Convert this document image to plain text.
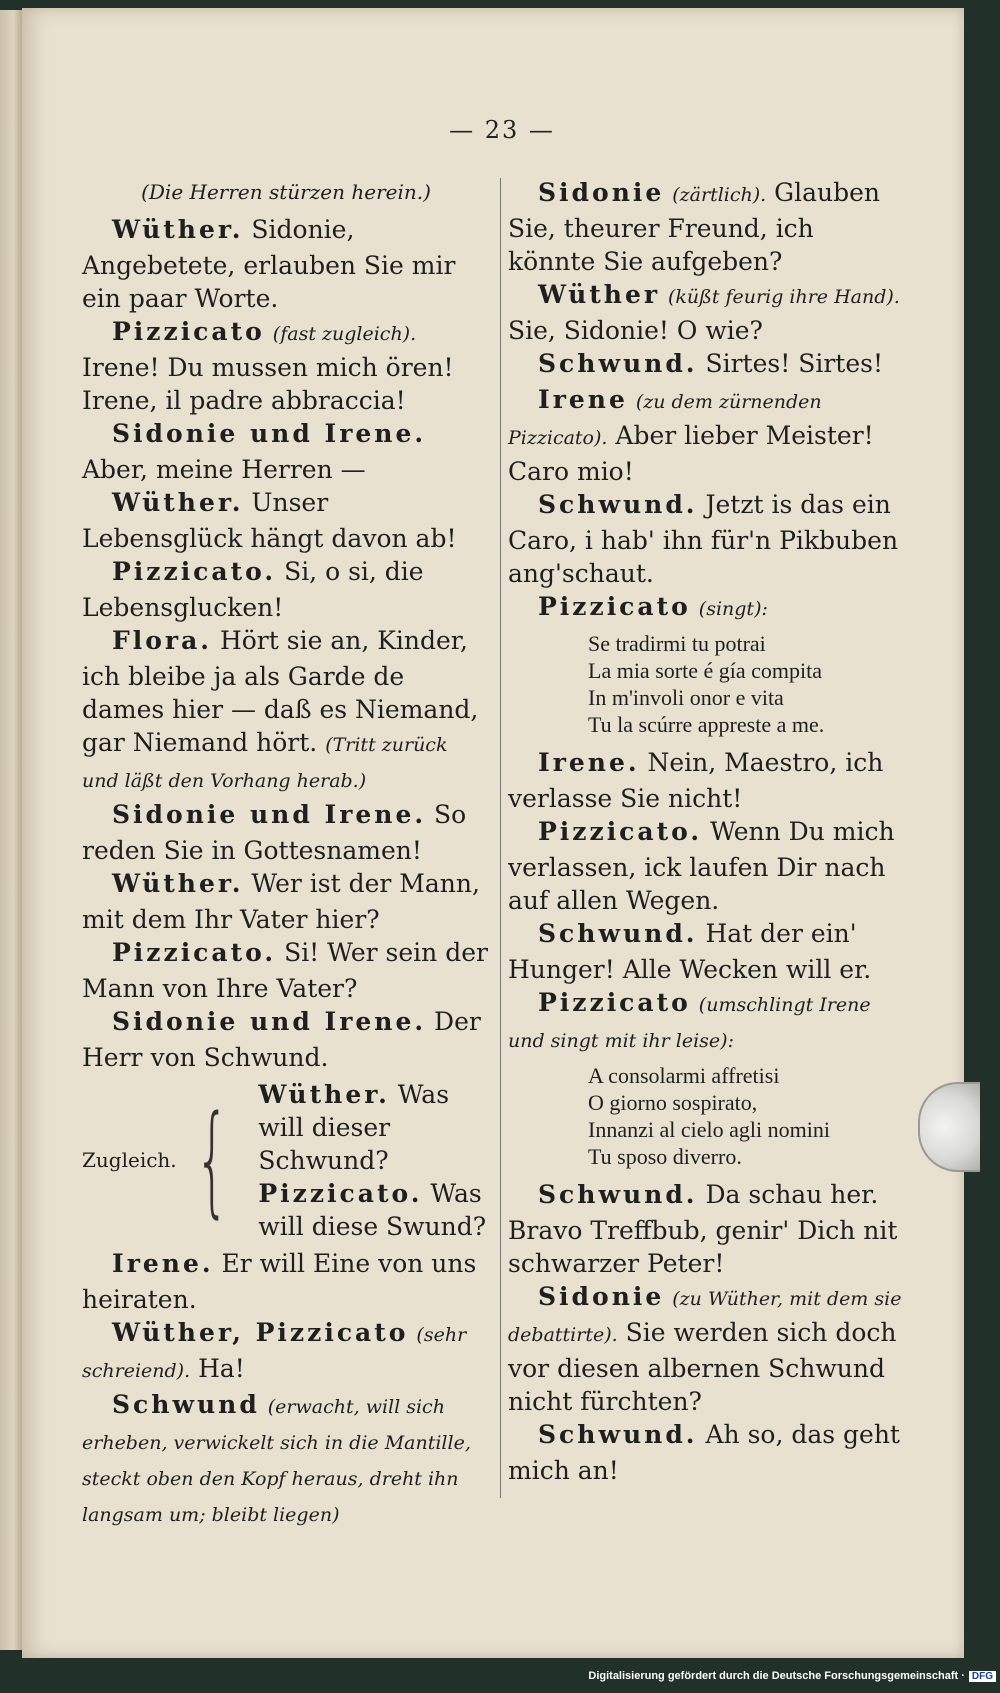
— 23 —
(Die Herren stürzen herein.)

Wüther. Sidonie, Angebetete, erlauben Sie mir ein paar Worte.

Pizzicato (fast zugleich). Irene! Du mussen mich ören! Irene, il padre abbraccia!

Sidonie und Irene. Aber, meine Herren —

Wüther. Unser Lebensglück hängt davon ab!

Pizzicato. Si, o si, die Lebensglucken!

Flora. Hört sie an, Kinder, ich bleibe ja als Garde de dames hier — daß es Niemand, gar Niemand hört. (Tritt zurück und läßt den Vorhang herab.)

Sidonie und Irene. So reden Sie in Gottesnamen!

Wüther. Wer ist der Mann, mit dem Ihr Vater hier?

Pizzicato. Si! Wer sein der Mann von Ihre Vater?

Sidonie und Irene. Der Herr von Schwund.

Zugleich. { Wüther. Was will dieser Schwund?
Pizzicato. Was will diese Swund?

Irene. Er will Eine von uns heiraten.

Wüther, Pizzicato (sehr schreiend). Ha!

Schwund (erwacht, will sich erheben, verwickelt sich in die Mantille, steckt oben den Kopf heraus, dreht ihn langsam um; bleibt liegen)

Sidonie (zärtlich). Glauben Sie, theurer Freund, ich könnte Sie aufgeben?

Wüther (küßt feurig ihre Hand). Sie, Sidonie! O wie?

Schwund. Sirtes! Sirtes!

Irene (zu dem zürnenden Pizzicato). Aber lieber Meister! Caro mio!

Schwund. Jetzt is das ein Caro, i hab' ihn für'n Pikbuben ang'schaut.

Pizzicato (singt):

Se tradirmi tu potrai
La mia sorte é gía compita
In m'involi onor e vita
Tu la scúrre appreste a me.

Irene. Nein, Maestro, ich verlasse Sie nicht!

Pizzicato. Wenn Du mich verlassen, ick laufen Dir nach auf allen Wegen.

Schwund. Hat der ein' Hunger! Alle Wecken will er.

Pizzicato (umschlingt Irene und singt mit ihr leise):

A consolarmi affretisi
O giorno sospirato,
Innanzi al cielo agli nomini
Tu sposo diverro.

Schwund. Da schau her. Bravo Treffbub, genir' Dich nit schwarzer Peter!

Sidonie (zu Wüther, mit dem sie debattirte). Sie werden sich doch vor diesen albernen Schwund nicht fürchten?

Schwund. Ah so, das geht mich an!

Digitalisierung gefördert durch die Deutsche Forschungsgemeinschaft · DFG
